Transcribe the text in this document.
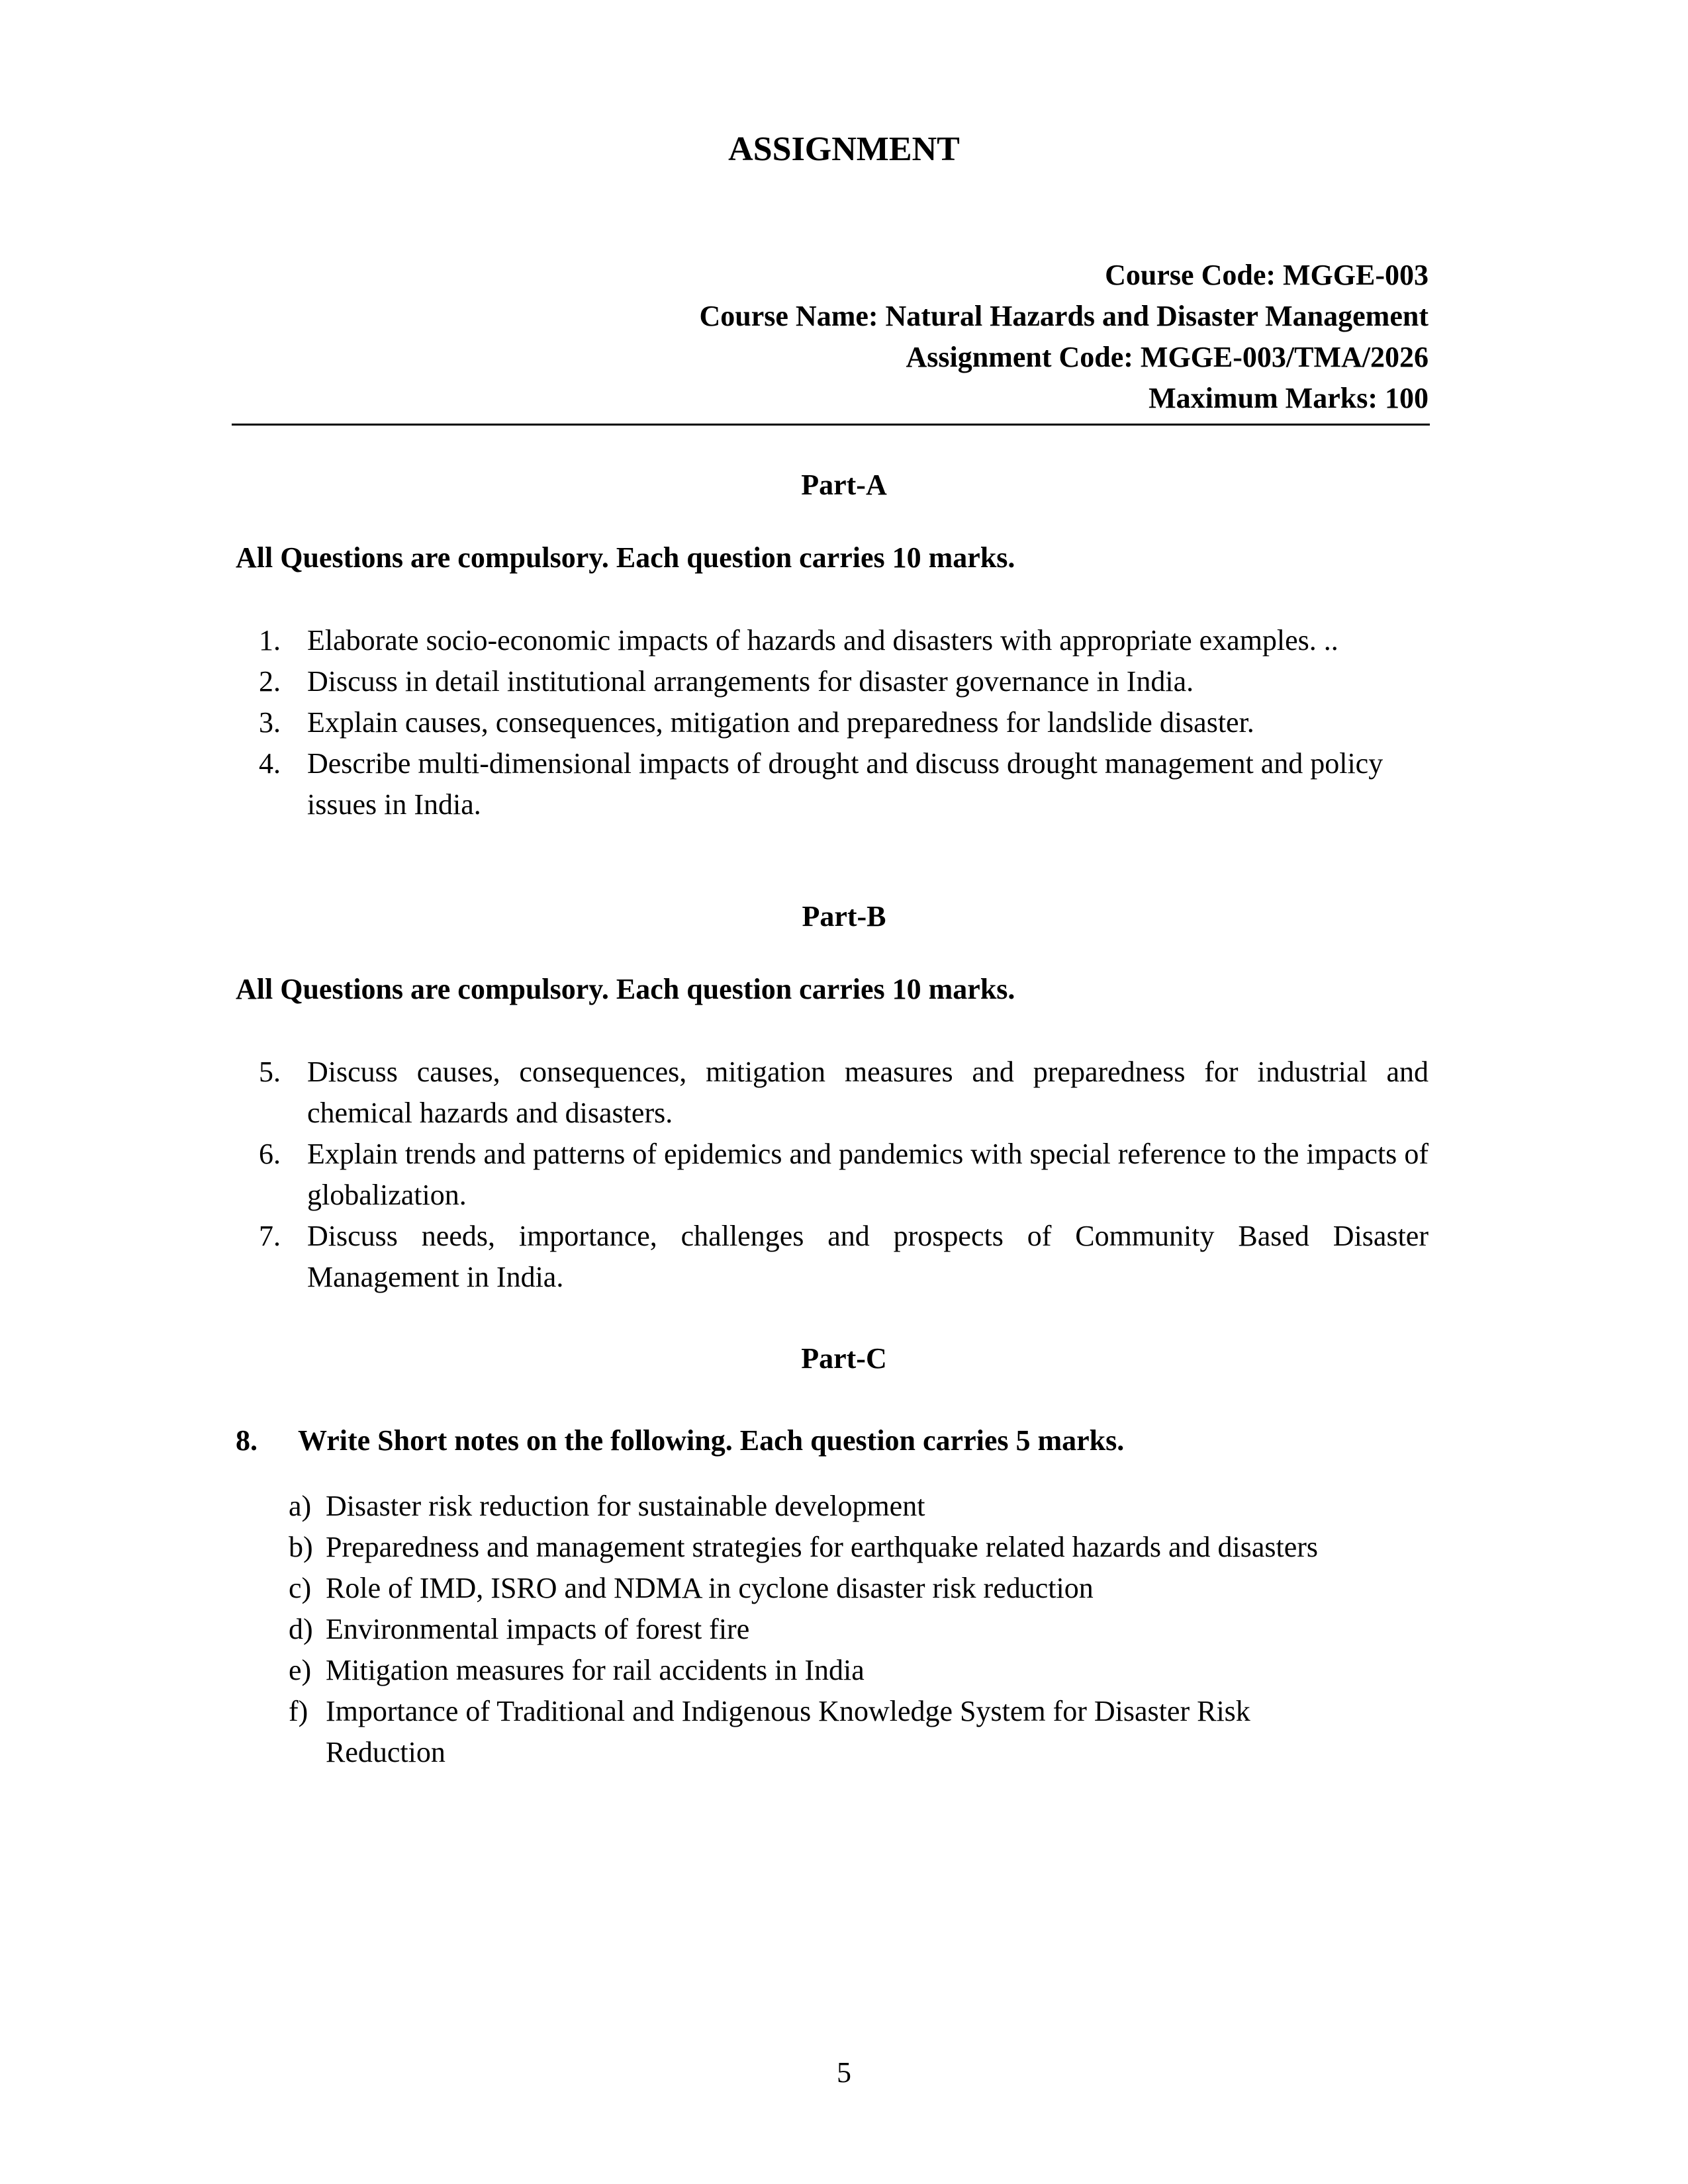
ASSIGNMENT
Course Code: MGGE-003
Course Name: Natural Hazards and Disaster Management
Assignment Code: MGGE-003/TMA/2026
Maximum Marks: 100
Part-A
All Questions are compulsory. Each question carries 10 marks.
1. Elaborate socio-economic impacts of hazards and disasters with appropriate examples. ..
2. Discuss in detail institutional arrangements for disaster governance in India.
3. Explain causes, consequences, mitigation and preparedness for landslide disaster.
4. Describe multi-dimensional impacts of drought and discuss drought management and policy issues in India.
Part-B
All Questions are compulsory. Each question carries 10 marks.
5. Discuss causes, consequences, mitigation measures and preparedness for industrial and chemical hazards and disasters.
6. Explain trends and patterns of epidemics and pandemics with special reference to the impacts of globalization.
7. Discuss needs, importance, challenges and prospects of Community Based Disaster Management in India.
Part-C
8. Write Short notes on the following. Each question carries 5 marks.
a) Disaster risk reduction for sustainable development
b) Preparedness and management strategies for earthquake related hazards and disasters
c) Role of IMD, ISRO and NDMA in cyclone disaster risk reduction
d) Environmental impacts of forest fire
e) Mitigation measures for rail accidents in India
f) Importance of Traditional and Indigenous Knowledge System for Disaster Risk Reduction
5
